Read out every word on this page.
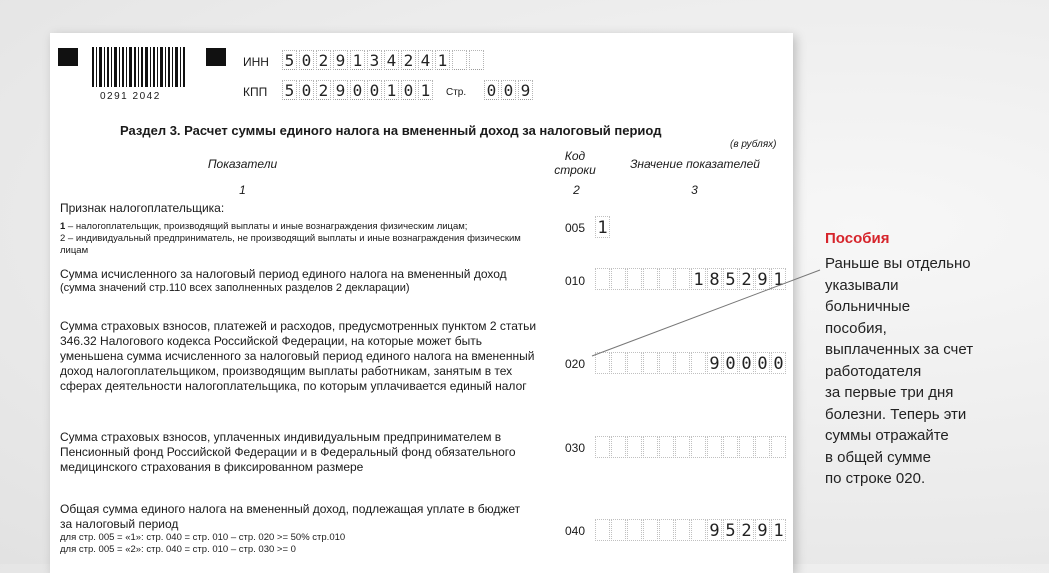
0291 2042
ИНН 5 0 2 9 1 3 4 2 4 1
КПП 5 0 2 9 0 0 1 0 1 Стр. 0 0 9
Раздел 3. Расчет суммы единого налога на вмененный доход за налоговый период
(в рублях)
Показатели
Код строки	Значение показателей
1	2	3
Признак налогоплательщика:
1 – налогоплательщик, производящий выплаты и иные вознаграждения физическим лицам;
2 – индивидуальный предприниматель, не производящий выплаты и иные вознаграждения физическим лицам
005 1
Сумма исчисленного за налоговый период единого налога на вмененный доход
(сумма значений стр.110 всех заполненных разделов 2 декларации)	010	1 8 5 2 9 1
Сумма страховых взносов, платежей и расходов, предусмотренных пунктом 2 статьи 346.32 Налогового кодекса Российской Федерации, на которые может быть уменьшена сумма исчисленного за налоговый период единого налога на вмененный доход налогоплательщиком, производящим выплаты работникам, занятым в тех сферах деятельности налогоплательщика, по которым уплачивается единый налог
020	9 0 0 0 0
Сумма страховых взносов, уплаченных индивидуальным предпринимателем в Пенсионный фонд Российской Федерации и в Федеральный фонд обязательного медицинского страхования в фиксированном размере
030
Общая сумма единого налога на вмененный доход, подлежащая уплате в бюджет за налоговый период
для стр. 005 = «1»: стр. 040 = стр. 010 – стр. 020 >= 50% стр.010
для стр. 005 = «2»: стр. 040 = стр. 010 – стр. 030 >= 0
040	9 5 2 9 1
Пособия
Раньше вы отдельно
указывали
больничные
пособия,
выплаченных за счет
работодателя
за первые три дня
болезни. Теперь эти
суммы отражайте
в общей сумме
по строке 020.
